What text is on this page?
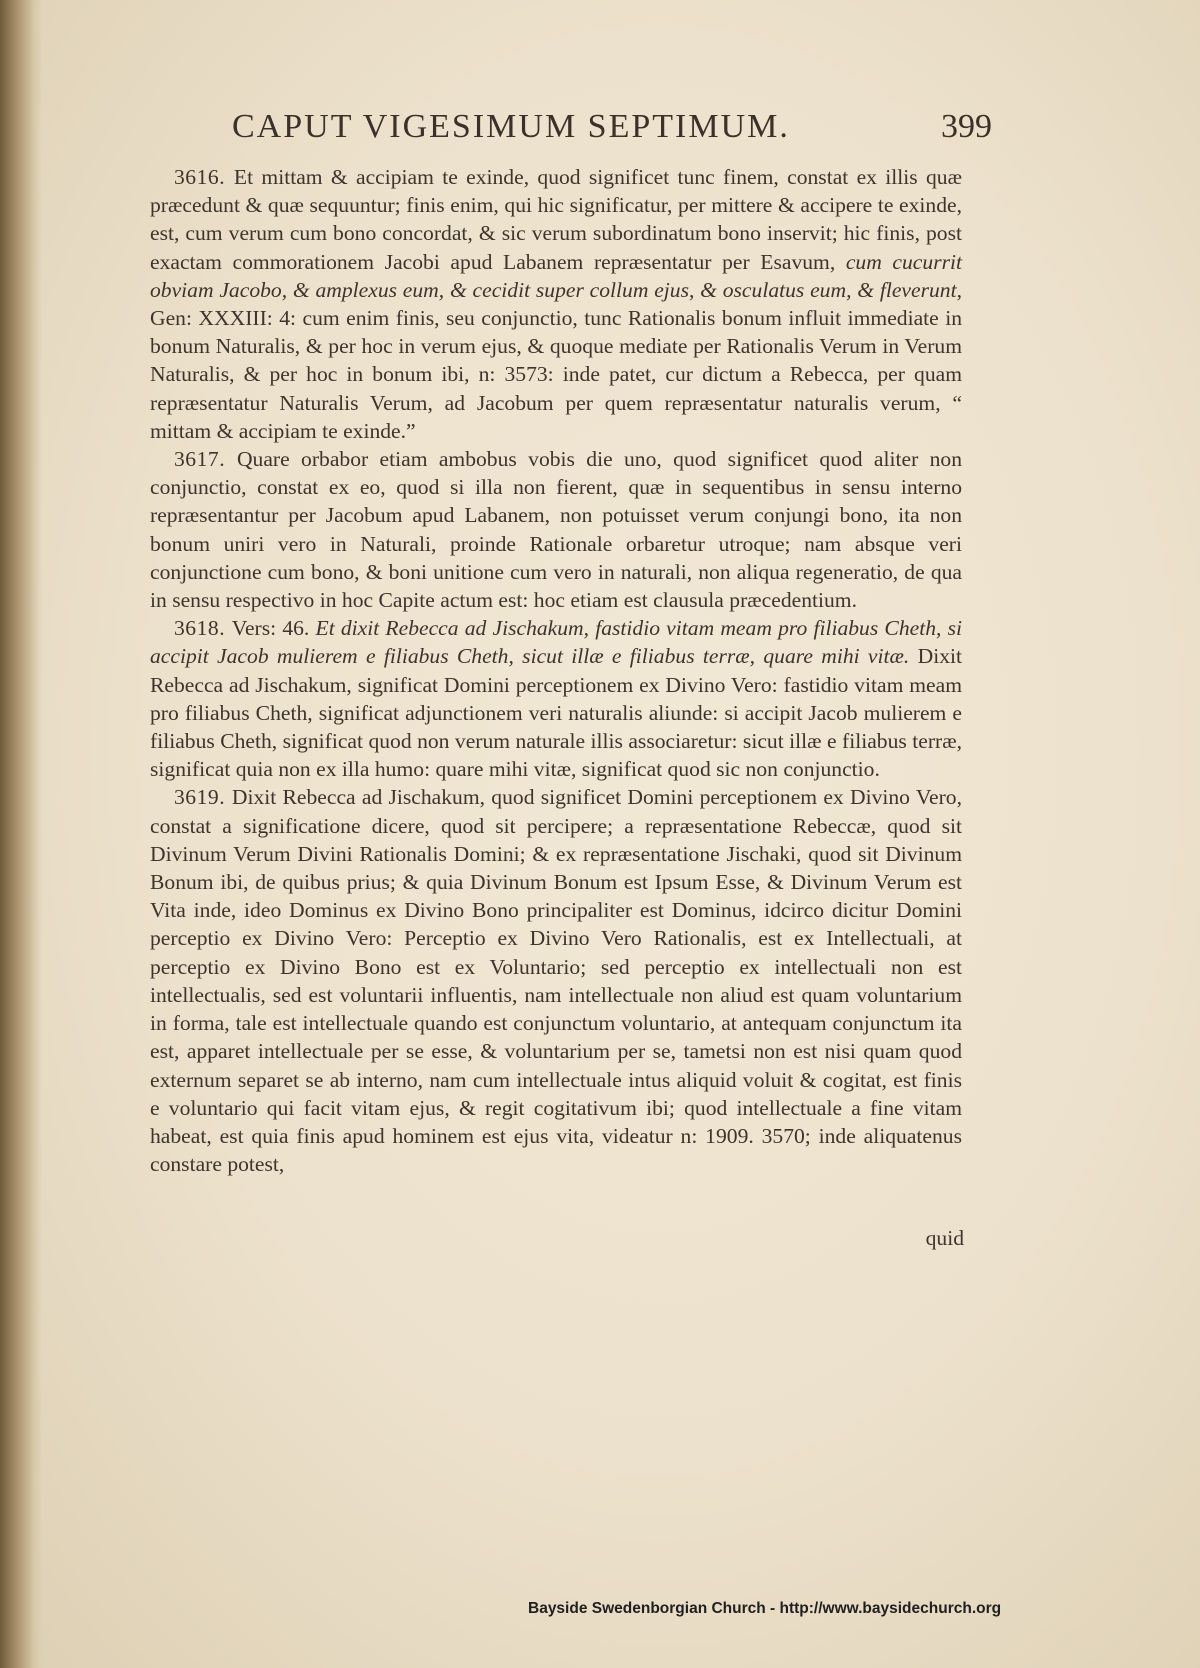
CAPUT VIGESIMUM SEPTIMUM.	399

3616. Et mittam & accipiam te exinde, quod significet tunc finem, constat ex illis quæ præcedunt & quæ sequuntur; finis enim, qui hic significatur, per mittere & accipere te exinde, est, cum verum cum bono concordat, & sic verum subordinatum bono inservit; hic finis, post exactam commorationem Jacobi apud Labanem repræsentatur per Esavum, cum cucurrit obviam Jacobo, & amplexus eum, & cecidit super collum ejus, & osculatus eum, & fleverunt, Gen: XXXIII: 4: cum enim finis, seu conjunctio, tunc Rationalis bonum influit immediate in bonum Naturalis, & per hoc in verum ejus, & quoque mediate per Rationalis Verum in Verum Naturalis, & per hoc in bonum ibi, n: 3573: inde patet, cur dictum a Rebecca, per quam repræsentatur Naturalis Verum, ad Jacobum per quem repræsentatur naturalis verum, “ mittam & accipiam te exinde.”

3617. Quare orbabor etiam ambobus vobis die uno, quod significet quod aliter non conjunctio, constat ex eo, quod si illa non fierent, quæ in sequentibus in sensu interno repræsentantur per Jacobum apud Labanem, non potuisset verum conjungi bono, ita non bonum uniri vero in Naturali, proinde Rationale orbaretur utroque; nam absque veri conjunctione cum bono, & boni unitione cum vero in naturali, non aliqua regeneratio, de qua in sensu respectivo in hoc Capite actum est: hoc etiam est clausula præcedentium.

3618. Vers: 46. Et dixit Rebecca ad Jischakum, fastidio vitam meam pro filiabus Cheth, si accipit Jacob mulierem e filiabus Cheth, sicut illæ e filiabus terræ, quare mihi vitæ. Dixit Rebecca ad Jischakum, significat Domini perceptionem ex Divino Vero: fastidio vitam meam pro filiabus Cheth, significat adjunctionem veri naturalis aliunde: si accipit Jacob mulierem e filiabus Cheth, significat quod non verum naturale illis associaretur: sicut illæ e filiabus terræ, significat quia non ex illa humo: quare mihi vitæ, significat quod sic non conjunctio.

3619. Dixit Rebecca ad Jischakum, quod significet Domini perceptionem ex Divino Vero, constat a significatione dicere, quod sit percipere; a repræsentatione Rebeccæ, quod sit Divinum Verum Divini Rationalis Domini; & ex repræsentatione Jischaki, quod sit Divinum Bonum ibi, de quibus prius; & quia Divinum Bonum est Ipsum Esse, & Divinum Verum est Vita inde, ideo Dominus ex Divino Bono principaliter est Dominus, idcirco dicitur Domini perceptio ex Divino Vero: Perceptio ex Divino Vero Rationalis, est ex Intellectuali, at perceptio ex Divino Bono est ex Voluntario; sed perceptio ex intellectuali non est intellectualis, sed est voluntarii influentis, nam intellectuale non aliud est quam voluntarium in forma, tale est intellectuale quando est conjunctum voluntario, at antequam conjunctum ita est, apparet intellectuale per se esse, & voluntarium per se, tametsi non est nisi quam quod externum separet se ab interno, nam cum intellectuale intus aliquid voluit & cogitat, est finis e voluntario qui facit vitam ejus, & regit cogitativum ibi; quod intellectuale a fine vitam habeat, est quia finis apud hominem est ejus vita, videatur n: 1909. 3570; inde aliquatenus constare potest,

quid
Bayside Swedenborgian Church - http://www.baysidechurch.org
